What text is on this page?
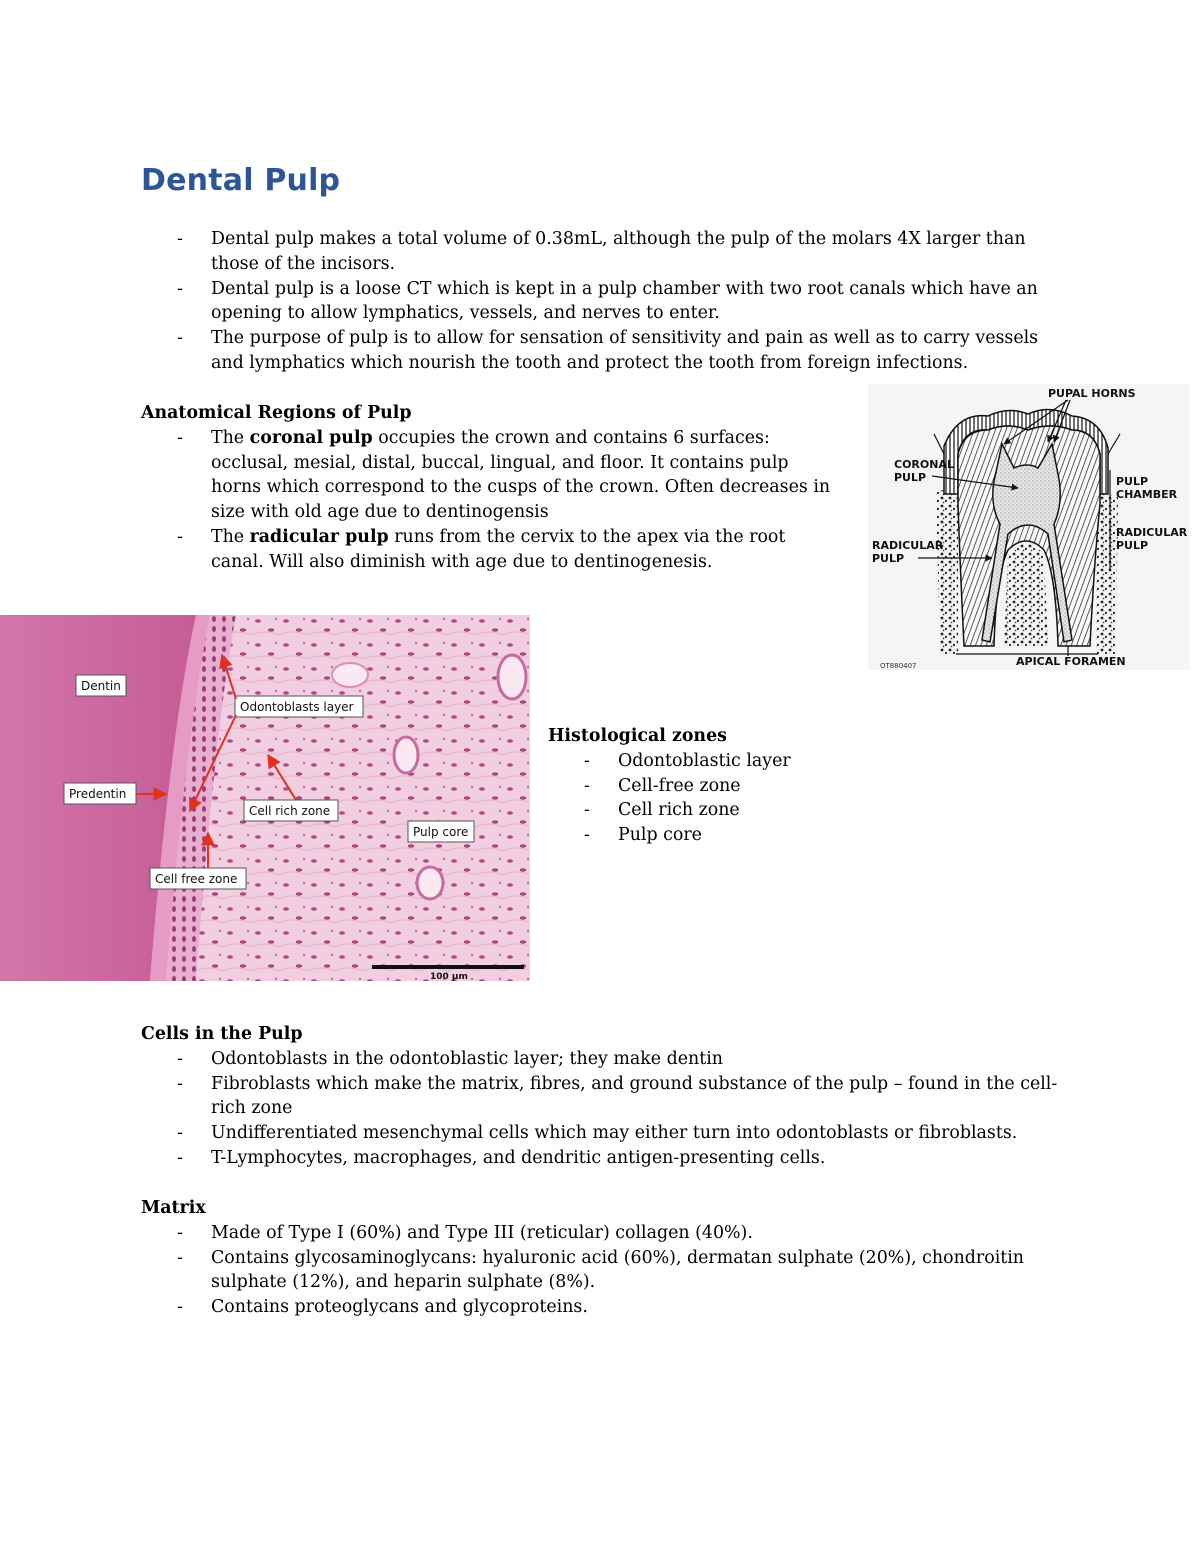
Dental Pulp
- Dental pulp makes a total volume of 0.38mL, although the pulp of the molars 4X larger than those of the incisors.
- Dental pulp is a loose CT which is kept in a pulp chamber with two root canals which have an opening to allow lymphatics, vessels, and nerves to enter.
- The purpose of pulp is to allow for sensation of sensitivity and pain as well as to carry vessels and lymphatics which nourish the tooth and protect the tooth from foreign infections.

Anatomical Regions of Pulp

- The coronal pulp occupies the crown and contains 6 surfaces: occlusal, mesial, distal, buccal, lingual, and floor. It contains pulp horns which correspond to the cusps of the crown. Often decreases in size with old age due to dentinogensis
- The radicular pulp runs from the cervix to the apex via the root canal. Will also diminish with age due to dentinogenesis.
PUPAL HORNS
CORONAL
PULP	PULP
CHAMBER
RADICULAR
PULP
RADICULAR
PULP
APICAL FORAMEN
OT880407
Dentin
Odontoblasts layer
Predentin
Cell rich zone
Pulp core
Cell free zone
100 µm

Histological zones

- Odontoblastic layer
- Cell-free zone
- Cell rich zone
- Pulp core

Cells in the Pulp

- Odontoblasts in the odontoblastic layer; they make dentin
- Fibroblasts which make the matrix, fibres, and ground substance of the pulp – found in the cell-rich zone
- Undifferentiated mesenchymal cells which may either turn into odontoblasts or fibroblasts.
- T-Lymphocytes, macrophages, and dendritic antigen-presenting cells.

Matrix

- Made of Type I (60%) and Type III (reticular) collagen (40%).
- Contains glycosaminoglycans: hyaluronic acid (60%), dermatan sulphate (20%), chondroitin sulphate (12%), and heparin sulphate (8%).
- Contains proteoglycans and glycoproteins.
